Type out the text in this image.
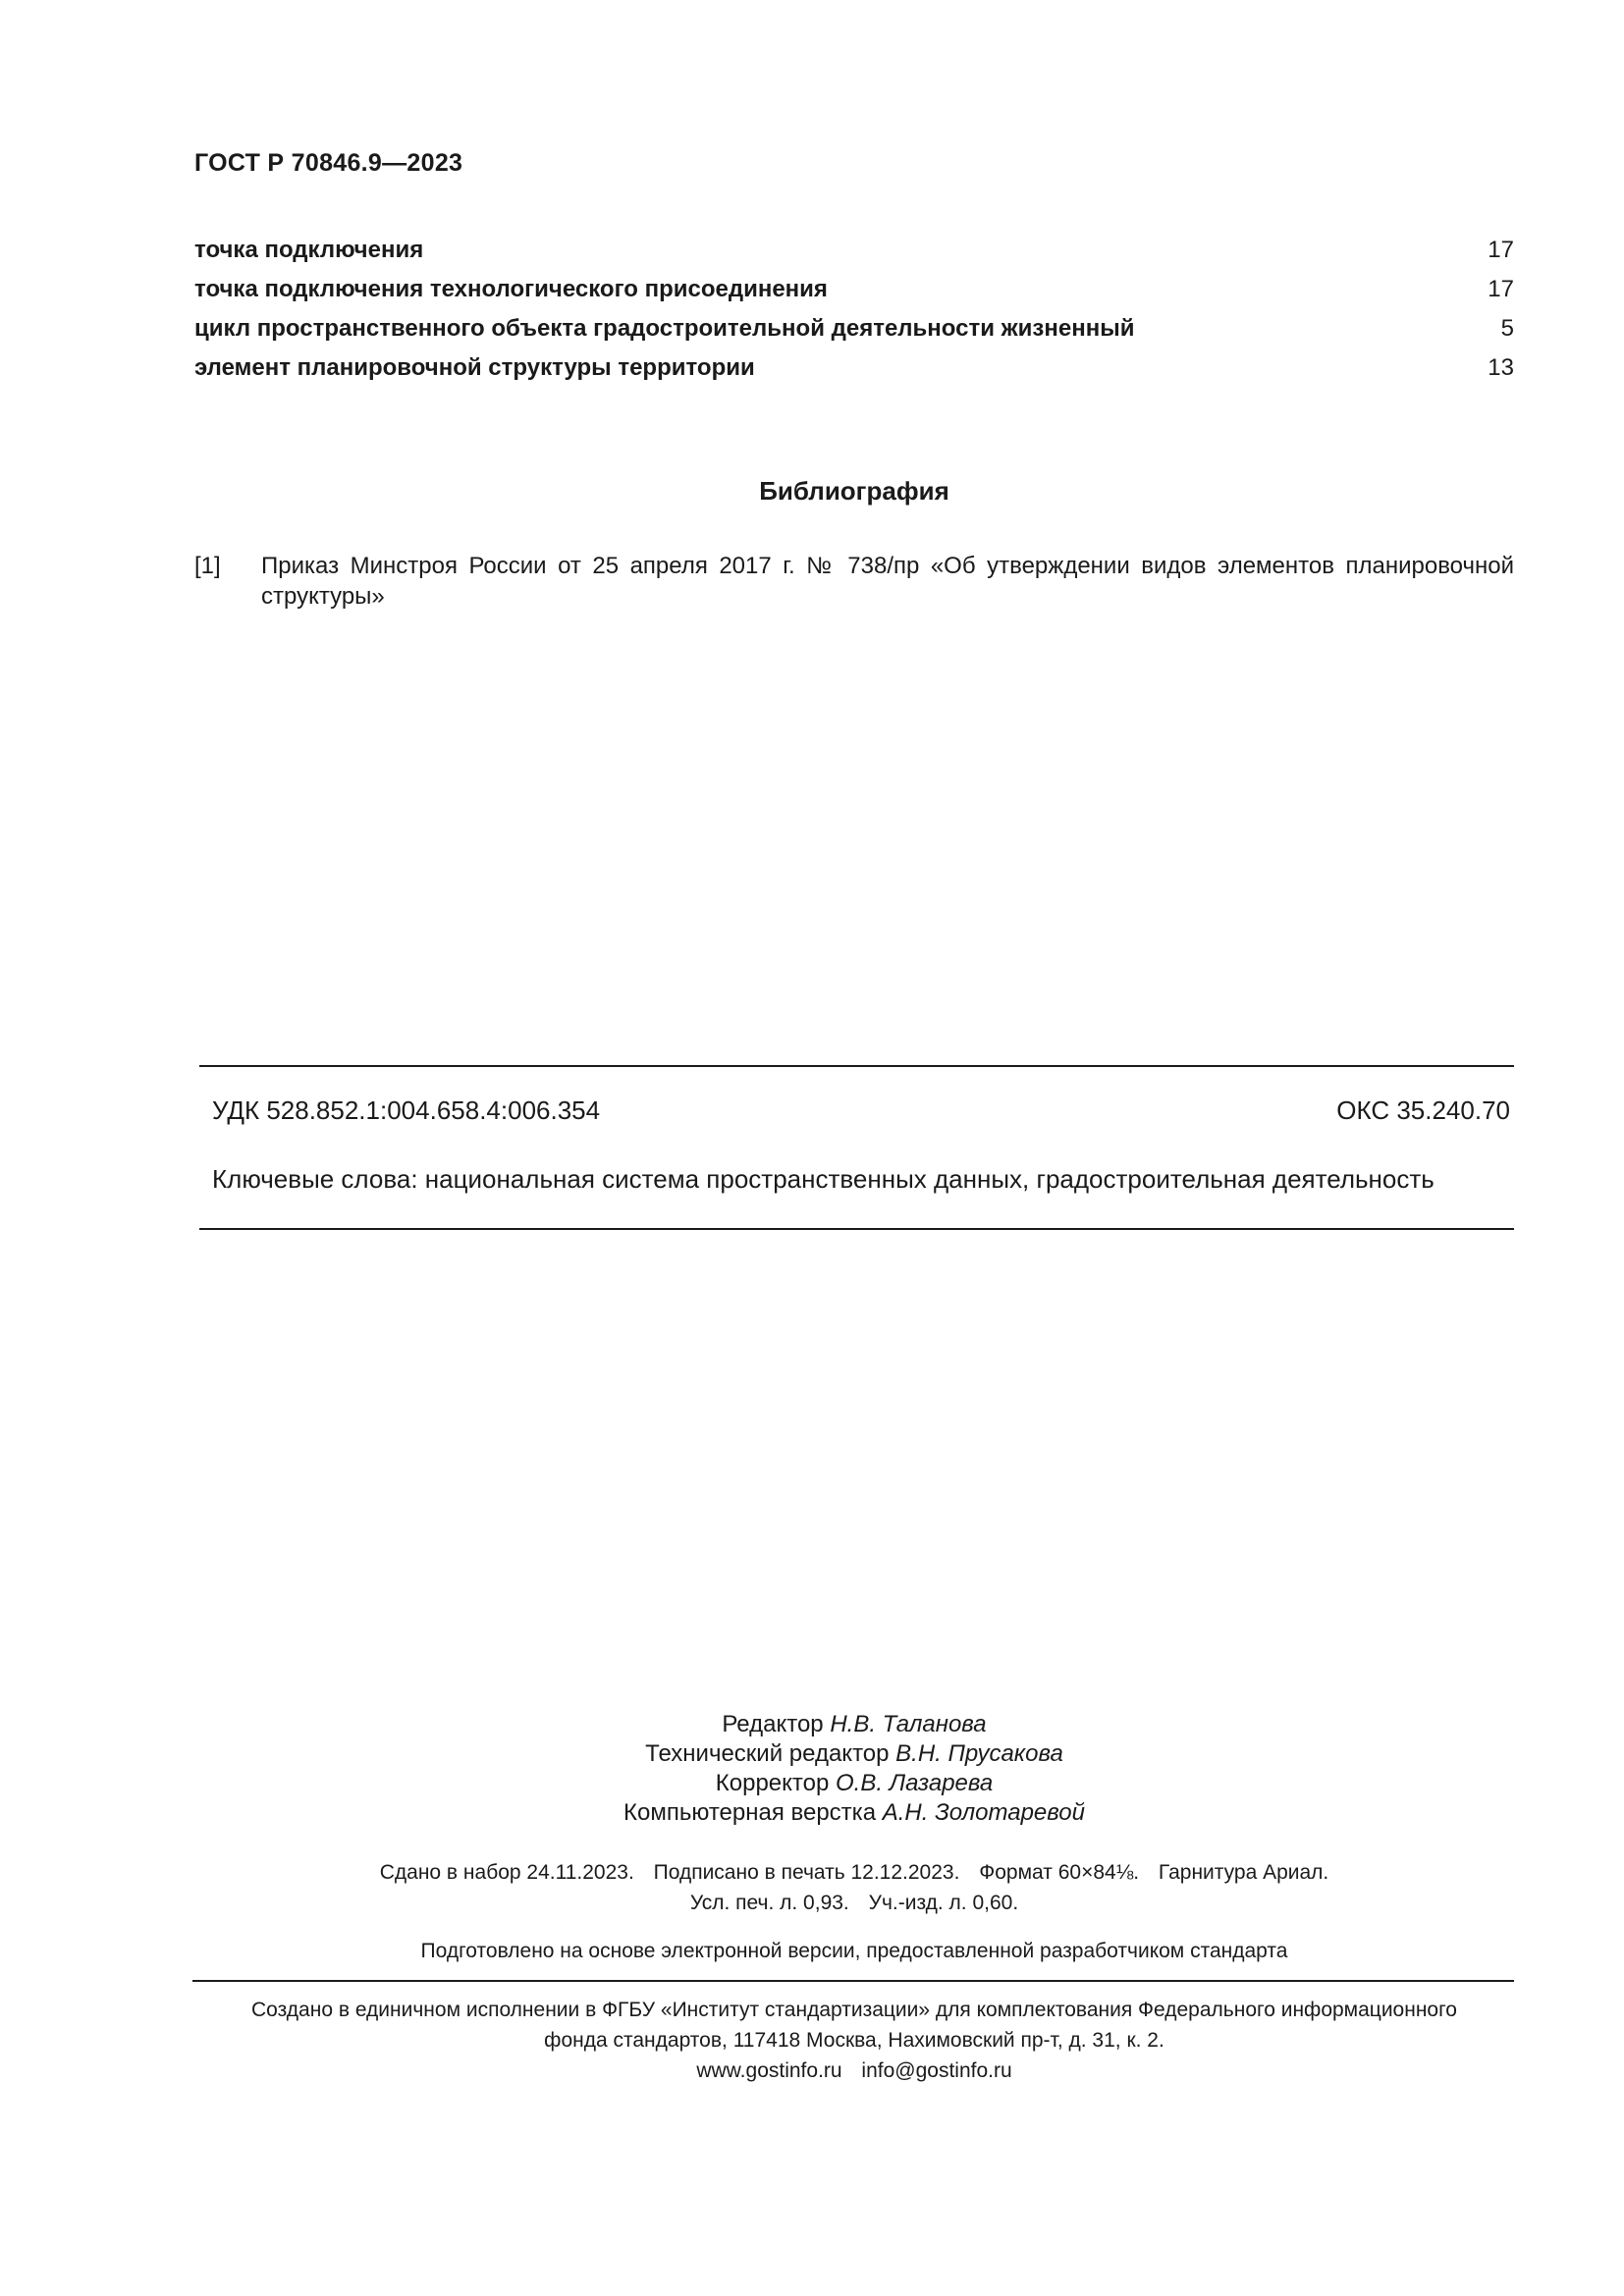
ГОСТ Р 70846.9—2023
точка подключения	17
точка подключения технологического присоединения	17
цикл пространственного объекта градостроительной деятельности жизненный	5
элемент планировочной структуры территории	13
Библиография
[1]	Приказ Минстроя России от 25 апреля 2017 г. № 738/пр «Об утверждении видов элементов планировочной структуры»
УДК 528.852.1:004.658.4:006.354	ОКС 35.240.70
Ключевые слова: национальная система пространственных данных, градостроительная деятельность
Редактор Н.В. Таланова
Технический редактор В.Н. Прусакова
Корректор О.В. Лазарева
Компьютерная верстка А.Н. Золотаревой
Сдано в набор 24.11.2023. Подписано в печать 12.12.2023. Формат 60×84⅛. Гарнитура Ариал.
Усл. печ. л. 0,93. Уч.-изд. л. 0,60.
Подготовлено на основе электронной версии, предоставленной разработчиком стандарта
Создано в единичном исполнении в ФГБУ «Институт стандартизации» для комплектования Федерального информационного
фонда стандартов, 117418 Москва, Нахимовский пр-т, д. 31, к. 2.
www.gostinfo.ru info@gostinfo.ru
